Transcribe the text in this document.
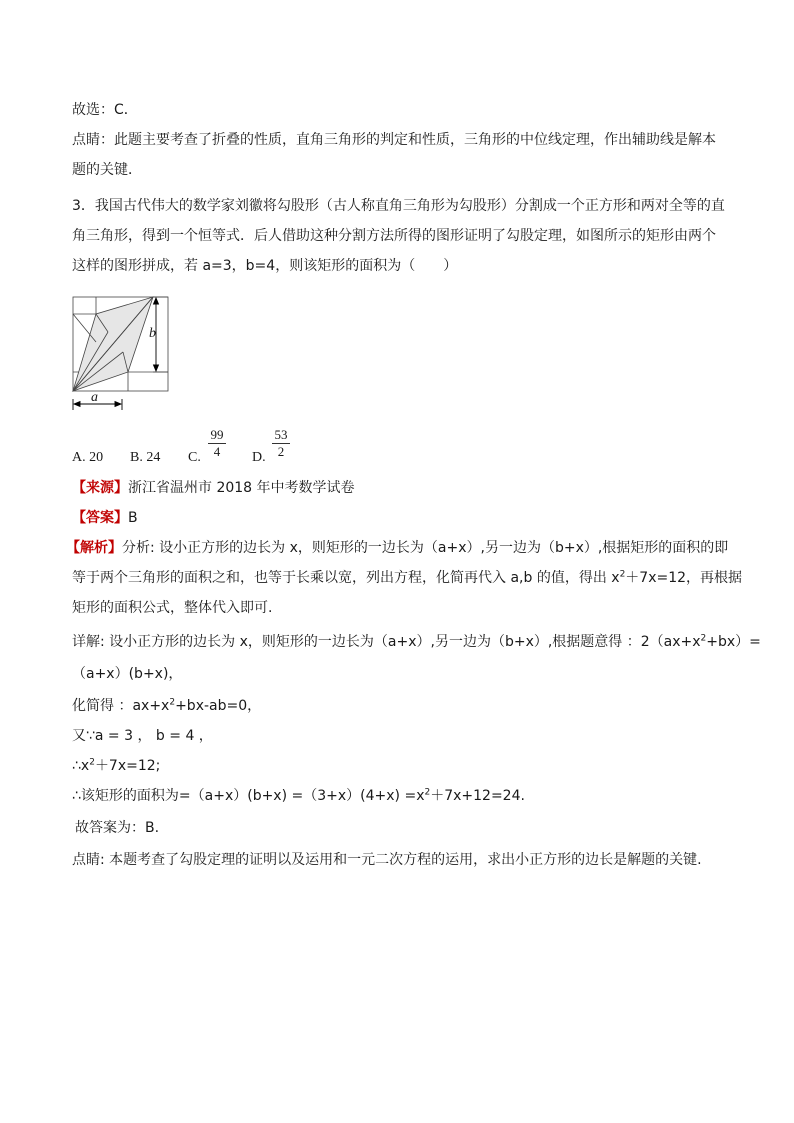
故选：C．
点睛：此题主要考查了折叠的性质，直角三角形的判定和性质，三角形的中位线定理，作出辅助线是解本
题的关键．
3．我国古代伟大的数学家刘徽将勾股形（古人称直角三角形为勾股形）分割成一个正方形和两对全等的直
角三角形，得到一个恒等式．后人借助这种分割方法所得的图形证明了勾股定理，如图所示的矩形由两个
这样的图形拼成，若 a=3，b=4，则该矩形的面积为（　　）
b
a
A. 20 B. 24 C. $\frac{99}{4} D$. $\frac{53}{2}$
【来源】浙江省温州市 2018 年中考数学试卷
【答案】B
【解析】分析: 设小正方形的边长为 x，则矩形的一边长为（a+x）,另一边为（b+x）,根据矩形的面积的即
等于两个三角形的面积之和，也等于长乘以宽，列出方程，化简再代入 a,b 的值，得出 $x^2+7x=12$，再根据
矩形的面积公式，整体代入即可.
详解: 设小正方形的边长为 x，则矩形的一边长为（a+x）,另一边为（b+x）,根据题意得 ：$2(ax+x^2+bx)=$
（a+x）(b+x)，
化简得 ：$ax+x^2+bx-ab=0$，
又∵a = 3 ， b = 4 ，
$\therefore x^2+7x=12$;
∴该矩形的面积为$=(a+x)(b+x) =(3+x)(4+x) =x^2+7x+12=24$.
故答案为：B.
点睛: 本题考查了勾股定理的证明以及运用和一元二次方程的运用，求出小正方形的边长是解题的关键.
